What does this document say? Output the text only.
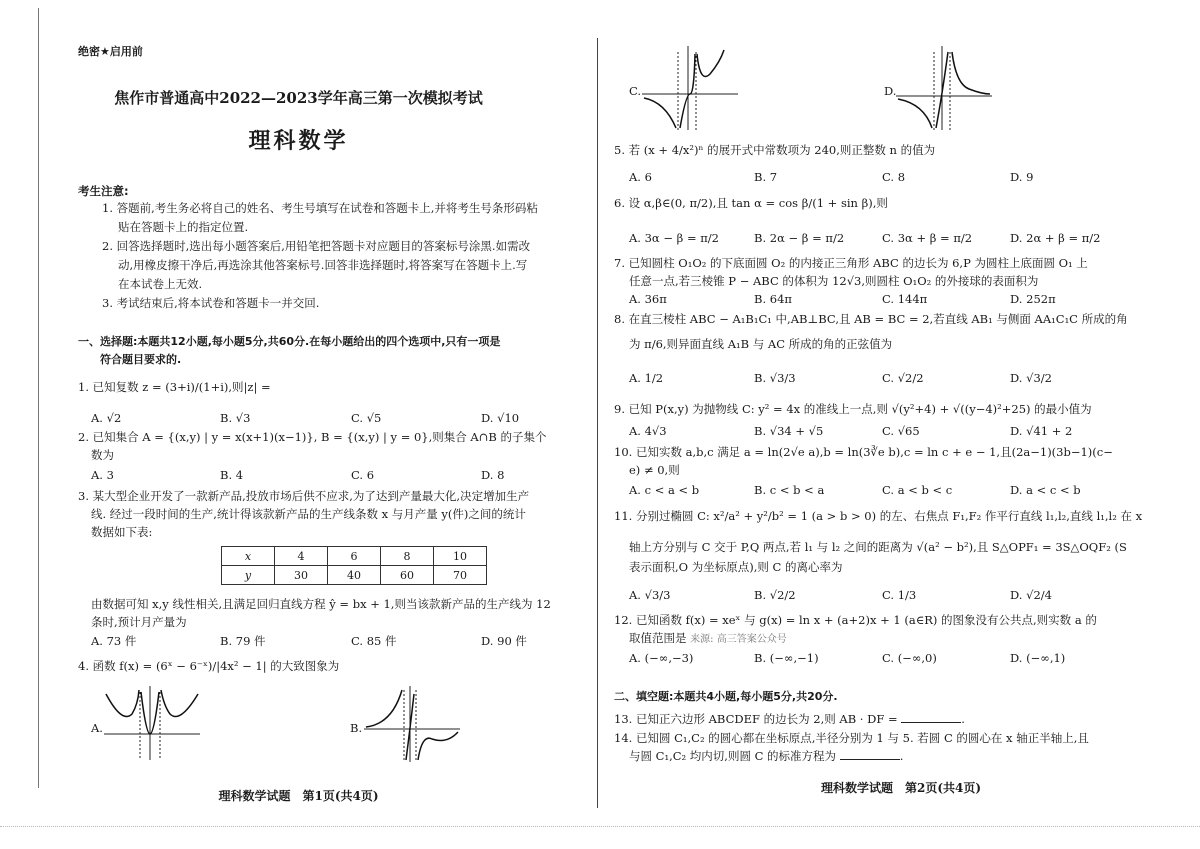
绝密★启用前
焦作市普通高中2022—2023学年高三第一次模拟考试
理科数学
考生注意:
1. 答题前,考生务必将自己的姓名、考生号填写在试卷和答题卡上,并将考生号条形码粘
贴在答题卡上的指定位置.
2. 回答选择题时,选出每小题答案后,用铅笔把答题卡对应题目的答案标号涂黑.如需改
动,用橡皮擦干净后,再选涂其他答案标号.回答非选择题时,将答案写在答题卡上.写
在本试卷上无效.
3. 考试结束后,将本试卷和答题卡一并交回.
一、选择题:本题共12小题,每小题5分,共60分.在每小题给出的四个选项中,只有一项是
符合题目要求的.
1. 已知复数 z = (3+i)/(1+i),则|z| =
A. √2	B. √3	C. √5	D. √10
2. 已知集合 A = {(x,y) | y = x(x+1)(x−1)}, B = {(x,y) | y = 0},则集合 A∩B 的子集个
数为
A. 3	B. 4	C. 6	D. 8
3. 某大型企业开发了一款新产品,投放市场后供不应求,为了达到产量最大化,决定增加生产
线. 经过一段时间的生产,统计得该款新产品的生产线条数 x 与月产量 y(件)之间的统计
数据如下表:
x	4	6	8	10
y	30	40	60	70
由数据可知 x,y 线性相关,且满足回归直线方程 ŷ = bx + 1,则当该款新产品的生产线为 12
条时,预计月产量为
A. 73 件	B. 79 件	C. 85 件	D. 90 件
4. 函数 f(x) = (6ˣ − 6⁻ˣ)/|4x² − 1| 的大致图象为
A.	B.
理科数学试题　第1页(共4页)
C.	D.
5. 若 (x + 4/x²)ⁿ 的展开式中常数项为 240,则正整数 n 的值为
A. 6	B. 7	C. 8	D. 9
6. 设 α,β∈(0, π/2),且 tan α = cos β/(1 + sin β),则
A. 3α − β = π/2	B. 2α − β = π/2	C. 3α + β = π/2	D. 2α + β = π/2
7. 已知圆柱 O₁O₂ 的下底面圆 O₂ 的内接正三角形 ABC 的边长为 6,P 为圆柱上底面圆 O₁ 上
任意一点,若三棱锥 P − ABC 的体积为 12√3,则圆柱 O₁O₂ 的外接球的表面积为
A. 36π	B. 64π	C. 144π	D. 252π
8. 在直三棱柱 ABC − A₁B₁C₁ 中,AB⊥BC,且 AB = BC = 2,若直线 AB₁ 与侧面 AA₁C₁C 所成的角
为 π/6,则异面直线 A₁B 与 AC 所成的角的正弦值为
A. 1/2	B. √3/3	C. √2/2	D. √3/2
9. 已知 P(x,y) 为抛物线 C: y² = 4x 的准线上一点,则 √(y²+4) + √((y−4)²+25) 的最小值为
A. 4√3	B. √34 + √5	C. √65	D. √41 + 2
10. 已知实数 a,b,c 满足 a = ln(2√e a),b = ln(3∛e b),c = ln c + e − 1,且(2a−1)(3b−1)(c−
e) ≠ 0,则
A. c < a < b	B. c < b < a	C. a < b < c	D. a < c < b
11. 分别过椭圆 C: x²/a² + y²/b² = 1 (a > b > 0) 的左、右焦点 F₁,F₂ 作平行直线 l₁,l₂,直线 l₁,l₂ 在 x
轴上方分别与 C 交于 P,Q 两点,若 l₁ 与 l₂ 之间的距离为 √(a² − b²),且 S△OPF₁ = 3S△OQF₂ (S
表示面积,O 为坐标原点),则 C 的离心率为
A. √3/3	B. √2/2	C. 1/3	D. √2/4
12. 已知函数 f(x) = xeˣ 与 g(x) = ln x + (a+2)x + 1 (a∈R) 的图象没有公共点,则实数 a 的
取值范围是 来源: 高三答案公众号
A. (−∞,−3)	B. (−∞,−1)	C. (−∞,0)	D. (−∞,1)
二、填空题:本题共4小题,每小题5分,共20分.
13. 已知正六边形 ABCDEF 的边长为 2,则 AB · DF =	.
14. 已知圆 C₁,C₂ 的圆心都在坐标原点,半径分别为 1 与 5. 若圆 C 的圆心在 x 轴正半轴上,且
与圆 C₁,C₂ 均内切,则圆 C 的标准方程为	.
理科数学试题　第2页(共4页)
